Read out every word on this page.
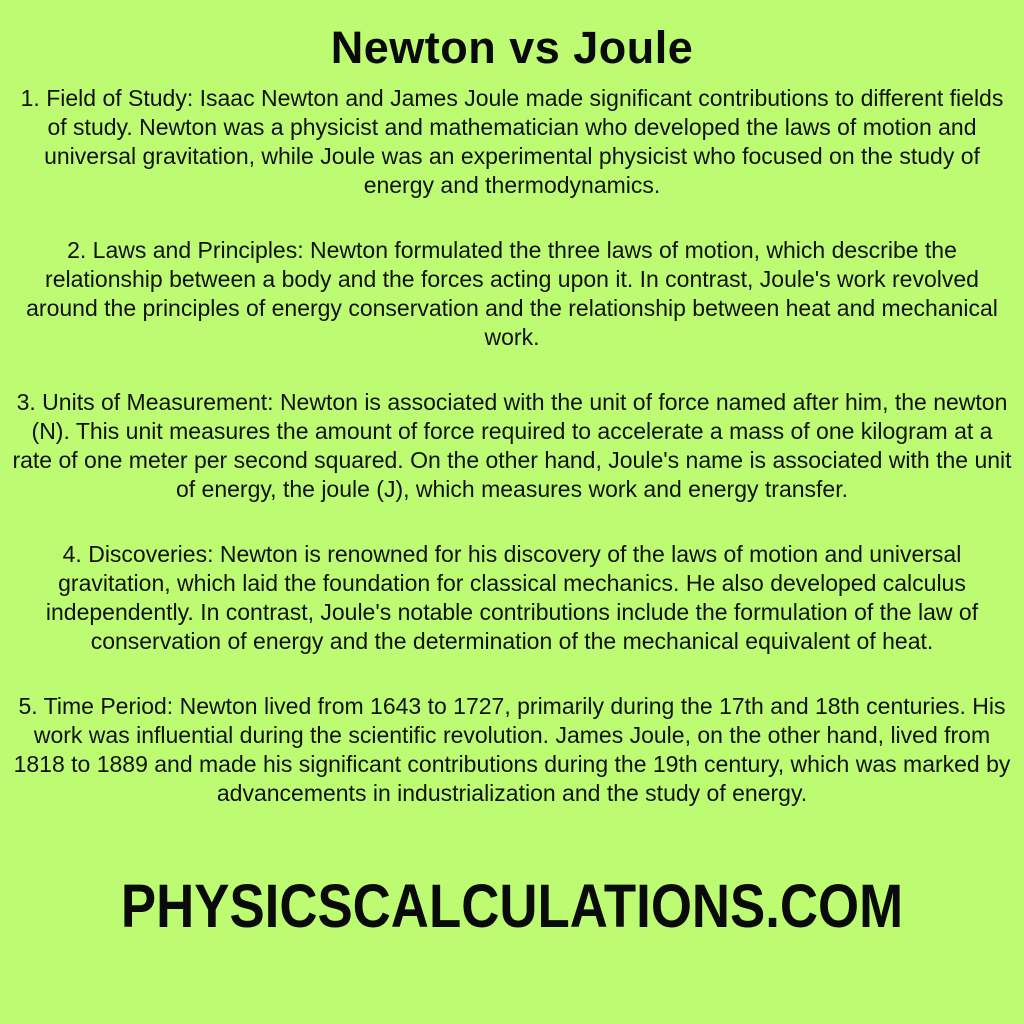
Newton vs Joule

1. Field of Study: Isaac Newton and James Joule made significant contributions to different fields of study. Newton was a physicist and mathematician who developed the laws of motion and universal gravitation, while Joule was an experimental physicist who focused on the study of energy and thermodynamics.

2. Laws and Principles: Newton formulated the three laws of motion, which describe the relationship between a body and the forces acting upon it. In contrast, Joule's work revolved around the principles of energy conservation and the relationship between heat and mechanical work.

3. Units of Measurement: Newton is associated with the unit of force named after him, the newton (N). This unit measures the amount of force required to accelerate a mass of one kilogram at a rate of one meter per second squared. On the other hand, Joule's name is associated with the unit of energy, the joule (J), which measures work and energy transfer.

4. Discoveries: Newton is renowned for his discovery of the laws of motion and universal gravitation, which laid the foundation for classical mechanics. He also developed calculus independently. In contrast, Joule's notable contributions include the formulation of the law of conservation of energy and the determination of the mechanical equivalent of heat.

5. Time Period: Newton lived from 1643 to 1727, primarily during the 17th and 18th centuries. His work was influential during the scientific revolution. James Joule, on the other hand, lived from 1818 to 1889 and made his significant contributions during the 19th century, which was marked by advancements in industrialization and the study of energy.

PHYSICSCALCULATIONS.COM
